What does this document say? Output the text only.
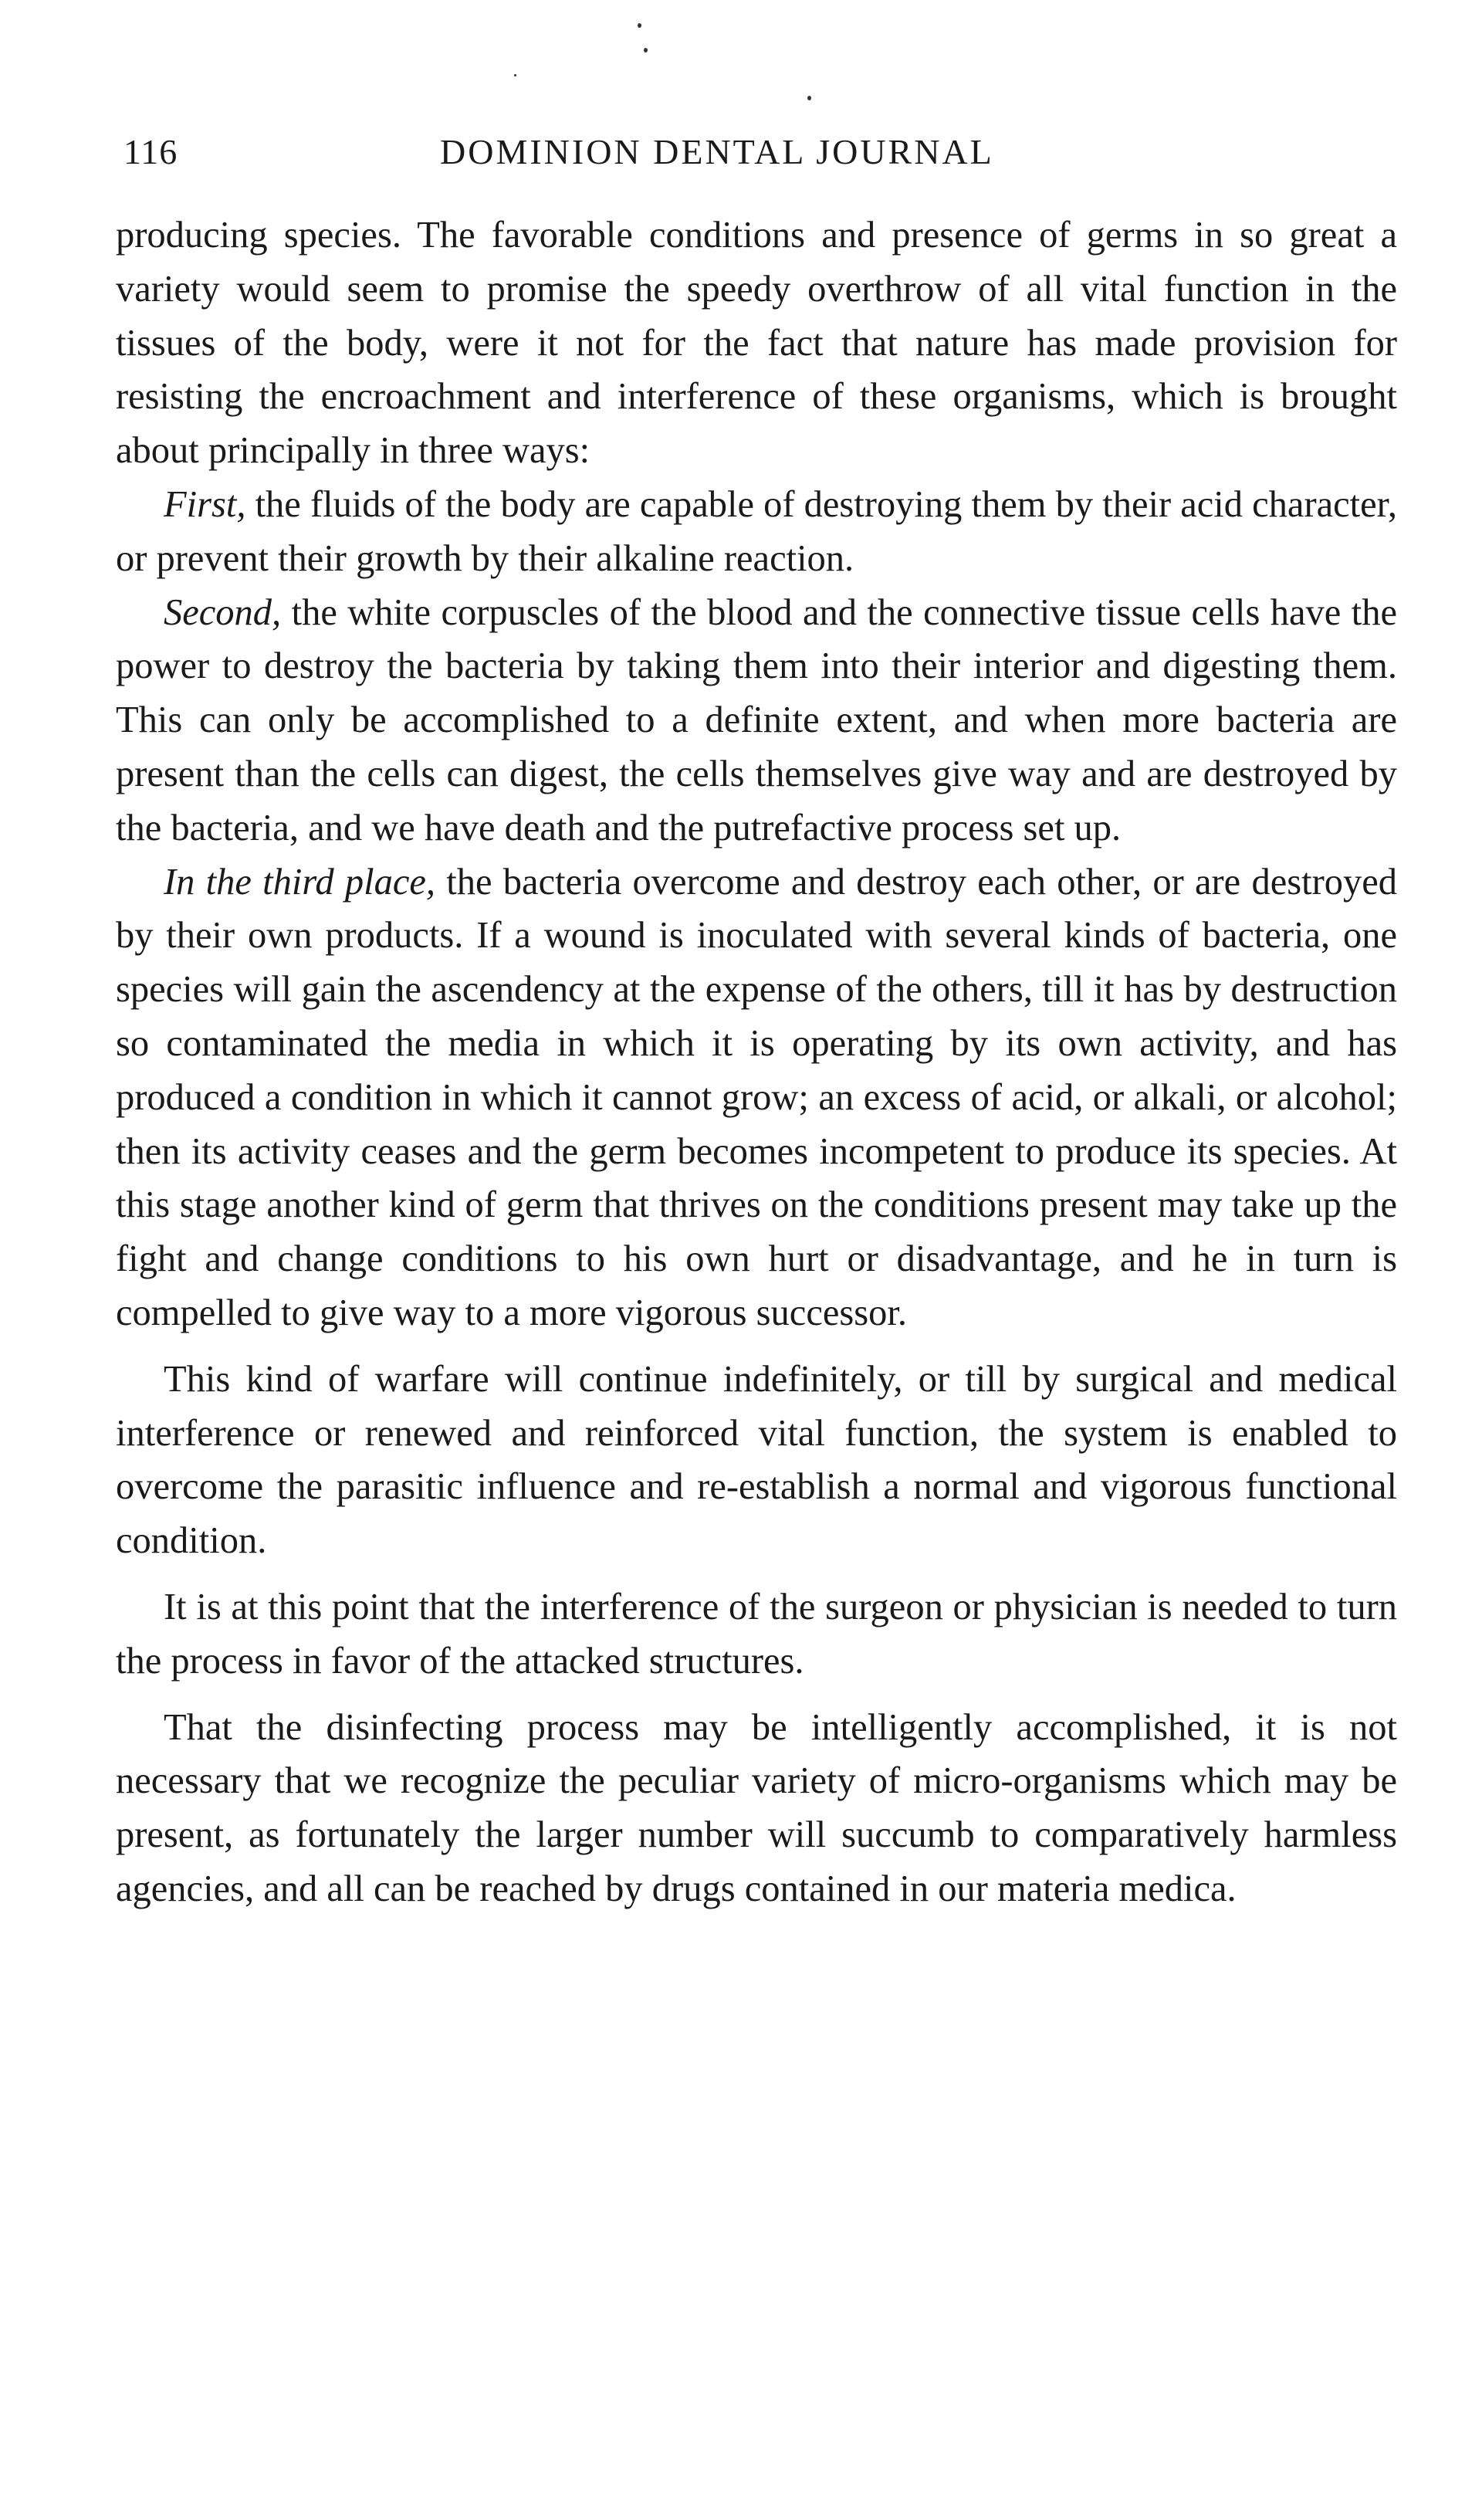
116	DOMINION DENTAL JOURNAL

producing species. The favorable conditions and presence of germs in so great a variety would seem to promise the speedy overthrow of all vital function in the tissues of the body, were it not for the fact that nature has made provision for resisting the encroachment and interference of these organisms, which is brought about principally in three ways:

First, the fluids of the body are capable of destroying them by their acid character, or prevent their growth by their alkaline reaction.

Second, the white corpuscles of the blood and the connective tissue cells have the power to destroy the bacteria by taking them into their interior and digesting them. This can only be accomplished to a definite extent, and when more bacteria are present than the cells can digest, the cells themselves give way and are destroyed by the bacteria, and we have death and the putrefactive process set up.

In the third place, the bacteria overcome and destroy each other, or are destroyed by their own products. If a wound is inoculated with several kinds of bacteria, one species will gain the ascendency at the expense of the others, till it has by destruction so contaminated the media in which it is operating by its own activity, and has produced a condition in which it cannot grow; an excess of acid, or alkali, or alcohol; then its activity ceases and the germ becomes incompetent to produce its species. At this stage another kind of germ that thrives on the conditions present may take up the fight and change conditions to his own hurt or disadvantage, and he in turn is compelled to give way to a more vigorous successor.

This kind of warfare will continue indefinitely, or till by surgical and medical interference or renewed and reinforced vital function, the system is enabled to overcome the parasitic influence and re-establish a normal and vigorous functional condition.

It is at this point that the interference of the surgeon or physician is needed to turn the process in favor of the attacked structures.

That the disinfecting process may be intelligently accomplished, it is not necessary that we recognize the peculiar variety of micro-organisms which may be present, as fortunately the larger number will succumb to comparatively harmless agencies, and all can be reached by drugs contained in our materia medica.
